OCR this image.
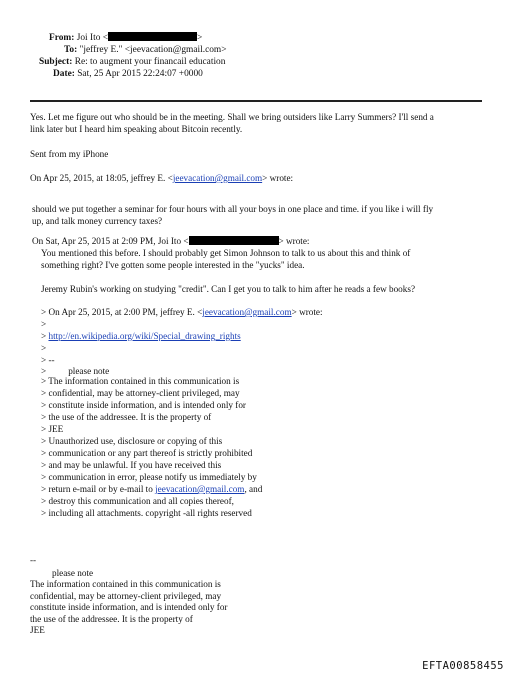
From: Joi Ito <	>
To: "jeffrey E." <jeevacation@gmail.com>
Subject: Re: to augment your financail education
Date: Sat, 25 Apr 2015 22:24:07 +0000
Yes. Let me figure out who should be in the meeting. Shall we bring outsiders like Larry Summers? I'll send a
link later but I heard him speaking about Bitcoin recently.
Sent from my iPhone
On Apr 25, 2015, at 18:05, jeffrey E. <jeevacation@gmail.com> wrote:
should we put together a seminar for four hours with all your boys in one place and time. if you like i will fly
up, and talk money currency taxes?
On Sat, Apr 25, 2015 at 2:09 PM, Joi Ito <	> wrote:
You mentioned this before. I should probably get Simon Johnson to talk to us about this and think of
something right? I've gotten some people interested in the "yucks" idea.
Jeremy Rubin's working on studying "credit". Can I get you to talk to him after he reads a few books?
> On Apr 25, 2015, at 2:00 PM, jeffrey E. <jeevacation@gmail.com> wrote:
>
> http://en.wikipedia.org/wiki/Special_drawing_rights
>
> --
> please note
> The information contained in this communication is
> confidential, may be attorney-client privileged, may
> constitute inside information, and is intended only for
> the use of the addressee. It is the property of
> JEE
> Unauthorized use, disclosure or copying of this
> communication or any part thereof is strictly prohibited
> and may be unlawful. If you have received this
> communication in error, please notify us immediately by
> return e-mail or by e-mail to jeevacation@gmail.com, and
> destroy this communication and all copies thereof,
> including all attachments. copyright -all rights reserved
--
please note
The information contained in this communication is
confidential, may be attorney-client privileged, may
constitute inside information, and is intended only for
the use of the addressee. It is the property of
JEE
EFTA00858455
